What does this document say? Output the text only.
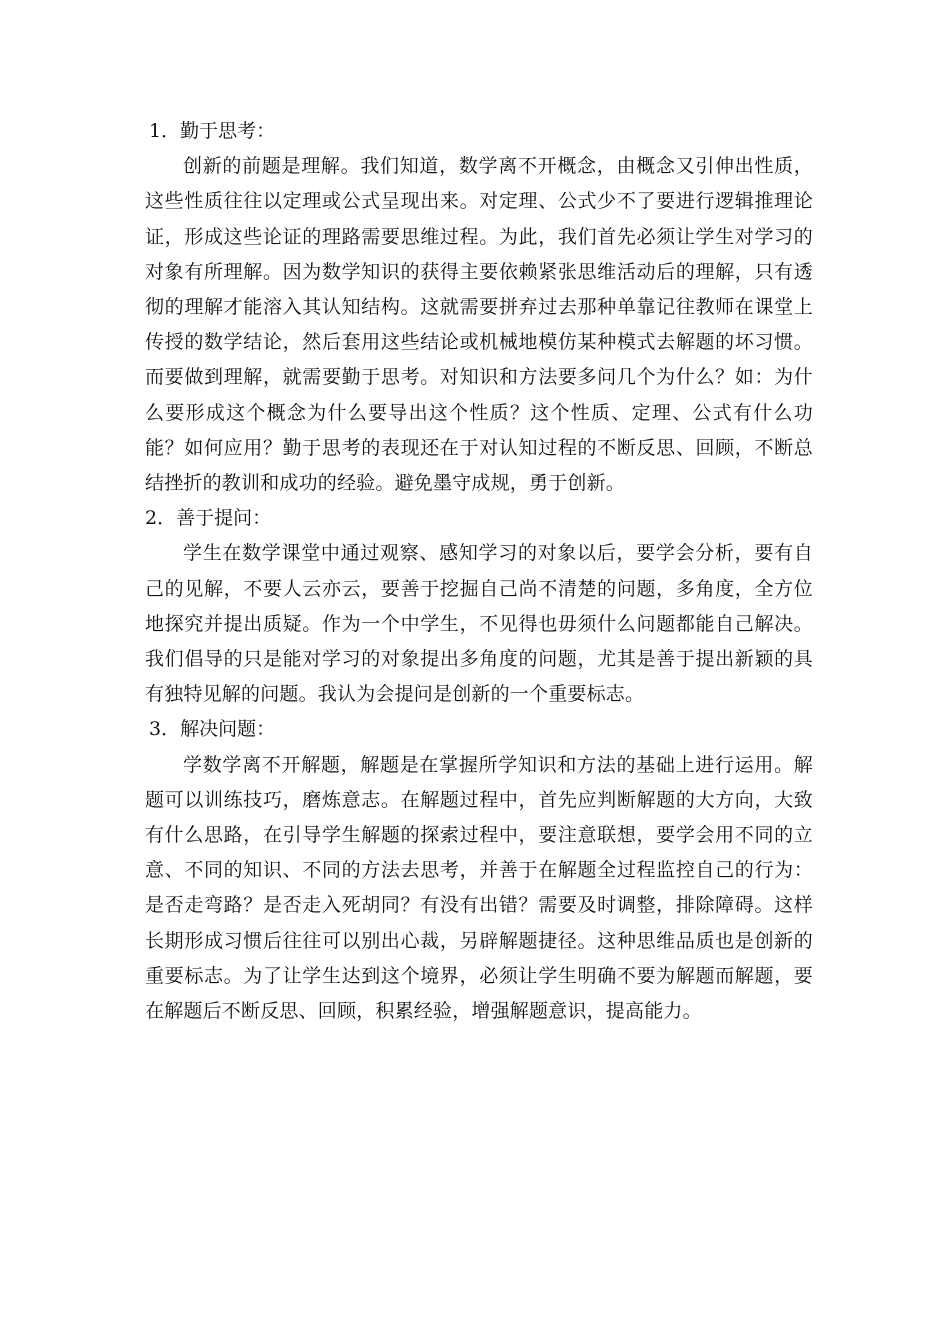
1．勤于思考：

创新的前题是理解。我们知道，数学离不开概念，由概念又引伸出性质，这些性质往往以定理或公式呈现出来。对定理、公式少不了要进行逻辑推理论证，形成这些论证的理路需要思维过程。为此，我们首先必须让学生对学习的对象有所理解。因为数学知识的获得主要依赖紧张思维活动后的理解，只有透彻的理解才能溶入其认知结构。这就需要拼弃过去那种单靠记往教师在课堂上传授的数学结论，然后套用这些结论或机械地模仿某种模式去解题的坏习惯。而要做到理解，就需要勤于思考。对知识和方法要多问几个为什么？如：为什么要形成这个概念为什么要导出这个性质？这个性质、定理、公式有什么功能？如何应用？勤于思考的表现还在于对认知过程的不断反思、回顾，不断总结挫折的教训和成功的经验。避免墨守成规，勇于创新。

2．善于提问：

学生在数学课堂中通过观察、感知学习的对象以后，要学会分析，要有自己的见解，不要人云亦云，要善于挖掘自己尚不清楚的问题，多角度，全方位地探究并提出质疑。作为一个中学生，不见得也毋须什么问题都能自己解决。我们倡导的只是能对学习的对象提出多角度的问题，尤其是善于提出新颖的具有独特见解的问题。我认为会提问是创新的一个重要标志。

3．解决问题：

学数学离不开解题，解题是在掌握所学知识和方法的基础上进行运用。解题可以训练技巧，磨炼意志。在解题过程中，首先应判断解题的大方向，大致有什么思路，在引导学生解题的探索过程中，要注意联想，要学会用不同的立意、不同的知识、不同的方法去思考，并善于在解题全过程监控自己的行为：是否走弯路？是否走入死胡同？有没有出错？需要及时调整，排除障碍。这样长期形成习惯后往往可以别出心裁，另辟解题捷径。这种思维品质也是创新的重要标志。为了让学生达到这个境界，必须让学生明确不要为解题而解题，要在解题后不断反思、回顾，积累经验，增强解题意识，提高能力。
